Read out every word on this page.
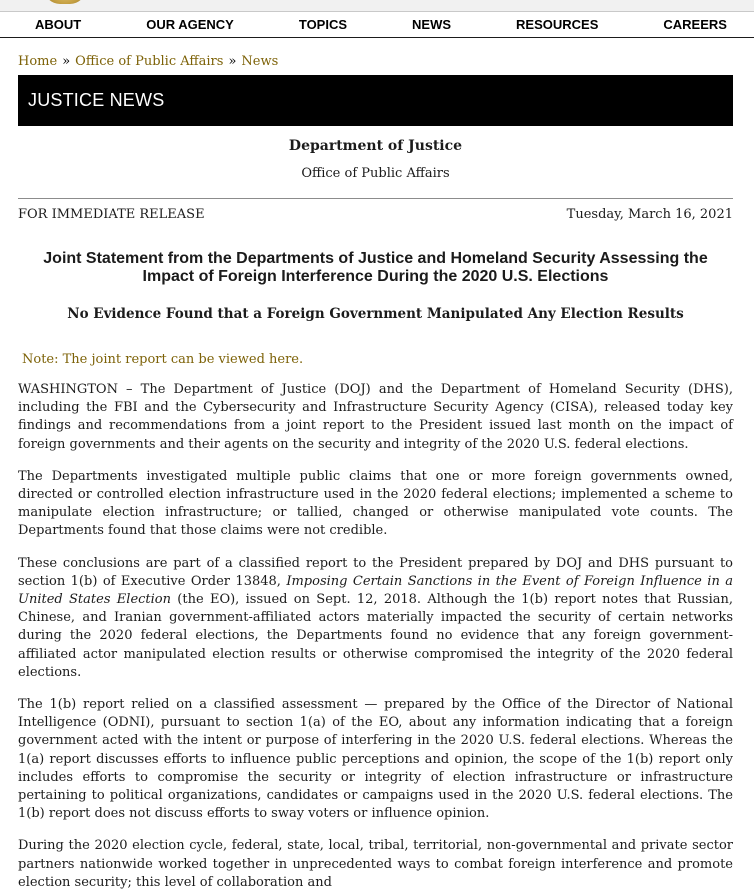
ABOUT	OUR AGENCY	TOPICS	NEWS	RESOURCES	CAREERS
Home » Office of Public Affairs » News
JUSTICE NEWS
Department of Justice
Office of Public Affairs
FOR IMMEDIATE RELEASE	Tuesday, March 16, 2021
Joint Statement from the Departments of Justice and Homeland Security Assessing the Impact of Foreign Interference During the 2020 U.S. Elections
No Evidence Found that a Foreign Government Manipulated Any Election Results
Note: The joint report can be viewed here.

WASHINGTON – The Department of Justice (DOJ) and the Department of Homeland Security (DHS), including the FBI and the Cybersecurity and Infrastructure Security Agency (CISA), released today key findings and recommendations from a joint report to the President issued last month on the impact of foreign governments and their agents on the security and integrity of the 2020 U.S. federal elections.

The Departments investigated multiple public claims that one or more foreign governments owned, directed or controlled election infrastructure used in the 2020 federal elections; implemented a scheme to manipulate election infrastructure; or tallied, changed or otherwise manipulated vote counts. The Departments found that those claims were not credible.

These conclusions are part of a classified report to the President prepared by DOJ and DHS pursuant to section 1(b) of Executive Order 13848, Imposing Certain Sanctions in the Event of Foreign Influence in a United States Election (the EO), issued on Sept. 12, 2018. Although the 1(b) report notes that Russian, Chinese, and Iranian government-affiliated actors materially impacted the security of certain networks during the 2020 federal elections, the Departments found no evidence that any foreign government-affiliated actor manipulated election results or otherwise compromised the integrity of the 2020 federal elections.

The 1(b) report relied on a classified assessment — prepared by the Office of the Director of National Intelligence (ODNI), pursuant to section 1(a) of the EO, about any information indicating that a foreign government acted with the intent or purpose of interfering in the 2020 U.S. federal elections. Whereas the 1(a) report discusses efforts to influence public perceptions and opinion, the scope of the 1(b) report only includes efforts to compromise the security or integrity of election infrastructure or infrastructure pertaining to political organizations, candidates or campaigns used in the 2020 U.S. federal elections. The 1(b) report does not discuss efforts to sway voters or influence opinion.

During the 2020 election cycle, federal, state, local, tribal, territorial, non-governmental and private sector partners nationwide worked together in unprecedented ways to combat foreign interference and promote election security; this level of collaboration and
